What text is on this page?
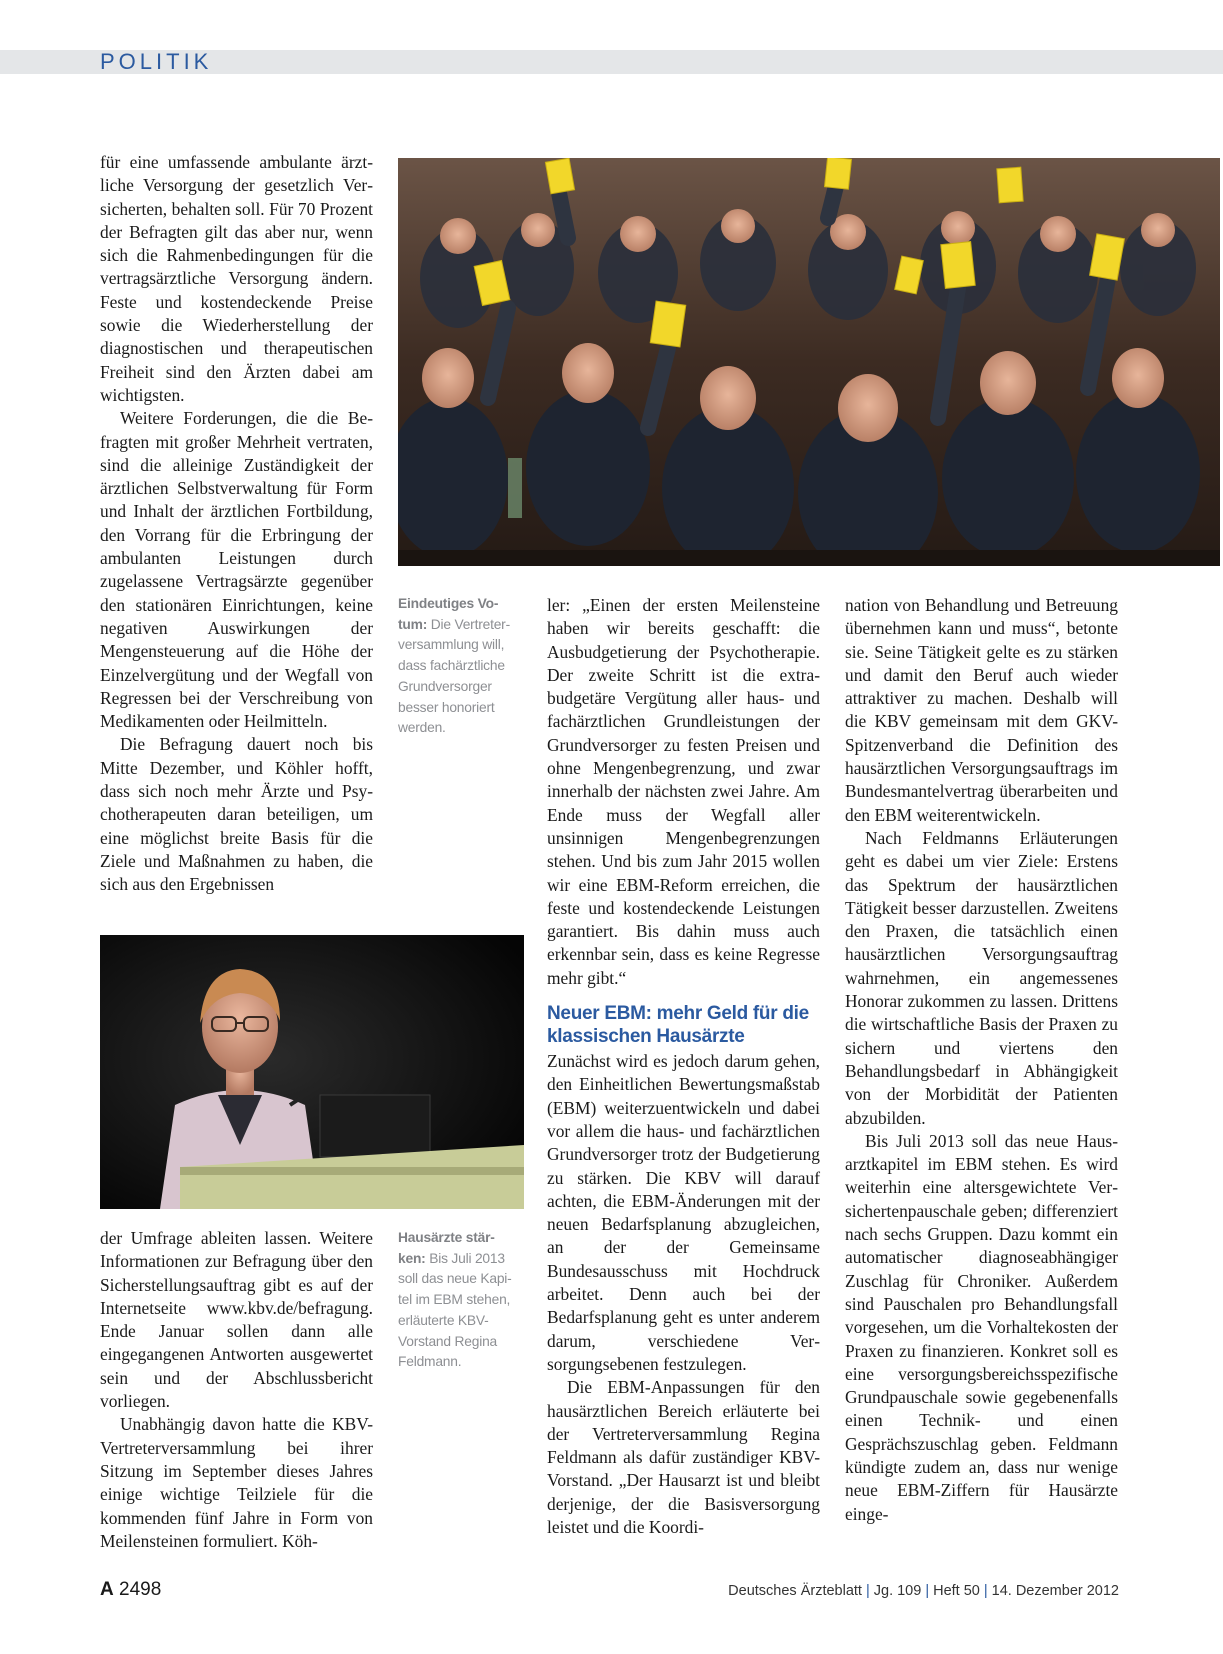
POLITIK

für eine umfassende ambulante ärztliche Versorgung der gesetzlich Versicherten, behalten soll. Für 70 Prozent der Befragten gilt das aber nur, wenn sich die Rahmenbedingungen für die vertragsärztliche Versorgung ändern. Feste und kostendeckende Preise sowie die Wiederherstellung der diagnostischen und therapeutischen Freiheit sind den Ärzten dabei am wichtigsten.

Weitere Forderungen, die die Befragten mit großer Mehrheit vertraten, sind die alleinige Zuständigkeit der ärztlichen Selbstverwaltung für Form und Inhalt der ärztlichen Fortbildung, den Vorrang für die Erbringung der ambulanten Leistungen durch zugelassene Vertragsärzte gegenüber den stationären Einrichtungen, keine negativen Auswirkungen der Mengensteuerung auf die Höhe der Einzelvergütung und der Wegfall von Regressen bei der Verschreibung von Medikamenten oder Heilmitteln.

Die Befragung dauert noch bis Mitte Dezember, und Köhler hofft, dass sich noch mehr Ärzte und Psychotherapeuten daran beteiligen, um eine möglichst breite Basis für die Ziele und Maßnahmen zu haben, die sich aus den Ergebnissen

Eindeutiges Votum: Die Vertreterversammlung will, dass fachärztliche Grundversorger besser honoriert werden.

ler: „Einen der ersten Meilensteine haben wir bereits geschafft: die Ausbudgetierung der Psychotherapie. Der zweite Schritt ist die extrabudgetäre Vergütung aller haus- und fachärztlichen Grundleistungen der Grundversorger zu festen Preisen und ohne Mengenbegrenzung, und zwar innerhalb der nächsten zwei Jahre. Am Ende muss der Wegfall aller unsinnigen Mengenbegrenzungen stehen. Und bis zum Jahr 2015 wollen wir eine EBM-Reform erreichen, die feste und kostendeckende Leistungen garantiert. Bis dahin muss auch erkennbar sein, dass es keine Regresse mehr gibt.“

Neuer EBM: mehr Geld für die klassischen Hausärzte

Zunächst wird es jedoch darum gehen, den Einheitlichen Bewertungsmaßstab (EBM) weiterzuentwickeln und dabei vor allem die haus- und fachärztlichen Grundversorger trotz der Budgetierung zu stärken. Die KBV will darauf achten, die EBM-Änderungen mit der neuen Bedarfsplanung abzugleichen, an der der Gemeinsame Bundesausschuss mit Hochdruck arbeitet. Denn auch bei der Bedarfsplanung geht es unter anderem darum, verschiedene Versorgungsebenen festzulegen.

Die EBM-Anpassungen für den hausärztlichen Bereich erläuterte bei der Vertreterversammlung Regina Feldmann als dafür zuständiger KBV-Vorstand. „Der Hausarzt ist und bleibt derjenige, der die Basisversorgung leistet und die Koordi-

nation von Behandlung und Betreuung übernehmen kann und muss“, betonte sie. Seine Tätigkeit gelte es zu stärken und damit den Beruf auch wieder attraktiver zu machen. Deshalb will die KBV gemeinsam mit dem GKV-Spitzenverband die Definition des hausärztlichen Versorgungsauftrags im Bundesmantelvertrag überarbeiten und den EBM weiterentwickeln.

Nach Feldmanns Erläuterungen geht es dabei um vier Ziele: Erstens das Spektrum der hausärztlichen Tätigkeit besser darzustellen. Zweitens den Praxen, die tatsächlich einen hausärztlichen Versorgungsauftrag wahrnehmen, ein angemessenes Honorar zukommen zu lassen. Drittens die wirtschaftliche Basis der Praxen zu sichern und viertens den Behandlungsbedarf in Abhängigkeit von der Morbidität der Patienten abzubilden.

Bis Juli 2013 soll das neue Hausarztkapitel im EBM stehen. Es wird weiterhin eine altersgewichtete Versichertenpauschale geben; differenziert nach sechs Gruppen. Dazu kommt ein automatischer diagnoseabhängiger Zuschlag für Chroniker. Außerdem sind Pauschalen pro Behandlungsfall vorgesehen, um die Vorhaltekosten der Praxen zu finanzieren. Konkret soll es eine versorgungsbereichsspezifische Grundpauschale sowie gegebenenfalls einen Technik- und einen Gesprächszuschlag geben. Feldmann kündigte zudem an, dass nur wenige neue EBM-Ziffern für Hausärzte einge-

Hausärzte stärken: Bis Juli 2013 soll das neue Kapitel im EBM stehen, erläuterte KBV-Vorstand Regina Feldmann.

der Umfrage ableiten lassen. Weitere Informationen zur Befragung über den Sicherstellungsauftrag gibt es auf der Internetseite www.kbv.de/befragung. Ende Januar sollen dann alle eingegangenen Antworten ausgewertet sein und der Abschlussbericht vorliegen.

Unabhängig davon hatte die KBV-Vertreterversammlung bei ihrer Sitzung im September dieses Jahres einige wichtige Teilziele für die kommenden fünf Jahre in Form von Meilensteinen formuliert. Köh-

A 2498	Deutsches Ärzteblatt | Jg. 109 | Heft 50 | 14. Dezember 2012
